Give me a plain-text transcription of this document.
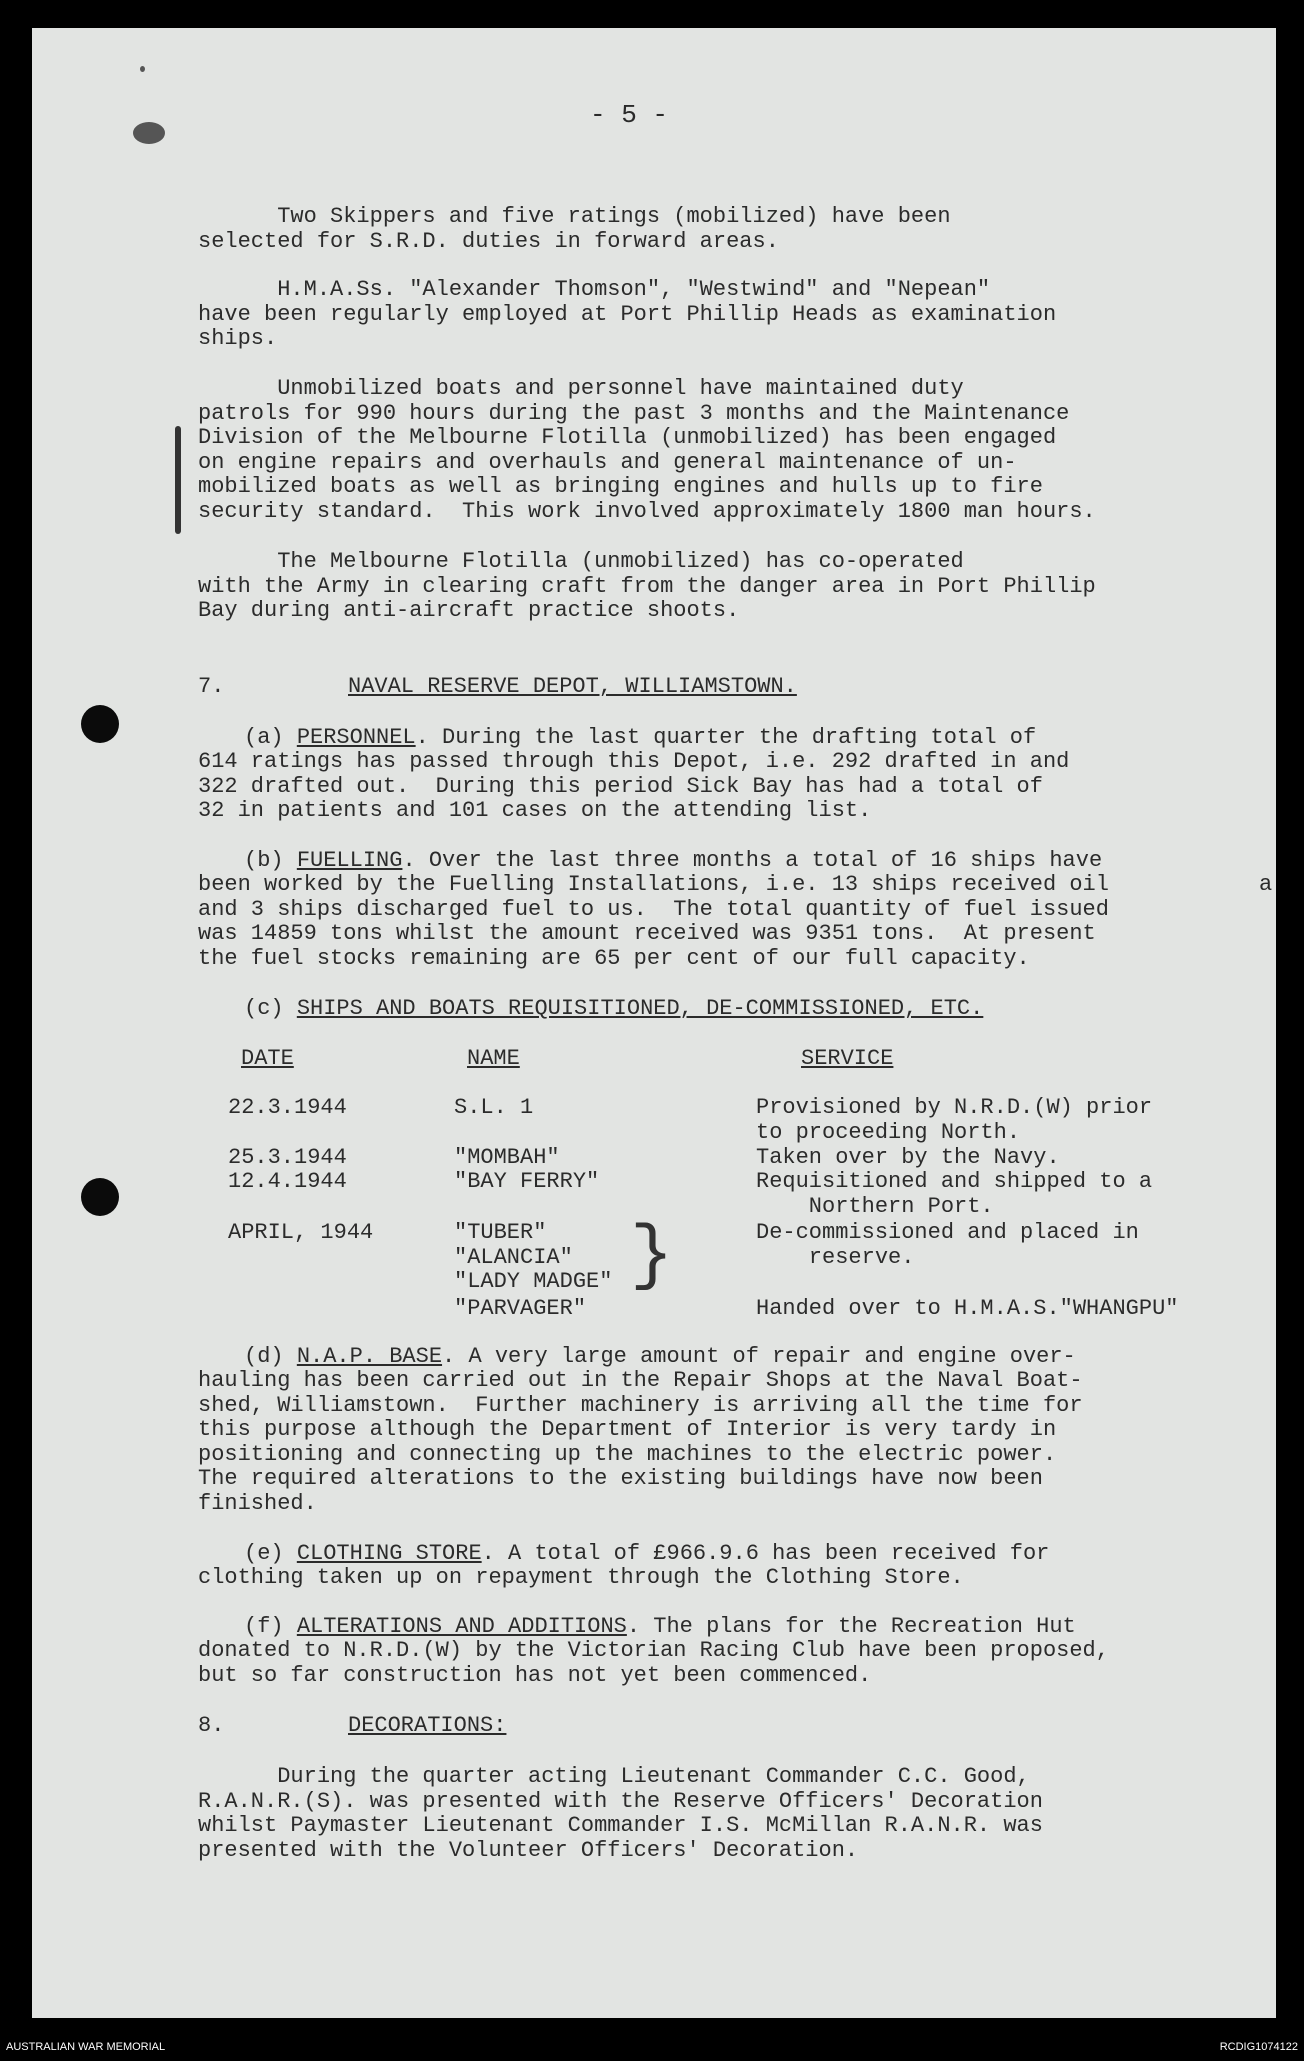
- 5 -
Two Skippers and five ratings (mobilized) have been
selected for S.R.D. duties in forward areas.
H.M.A.Ss. "Alexander Thomson", "Westwind" and "Nepean"
have been regularly employed at Port Phillip Heads as examination
ships.
Unmobilized boats and personnel have maintained duty
patrols for 990 hours during the past 3 months and the Maintenance
Division of the Melbourne Flotilla (unmobilized) has been engaged
on engine repairs and overhauls and general maintenance of un-
mobilized boats as well as bringing engines and hulls up to fire
security standard.  This work involved approximately 1800 man hours.
The Melbourne Flotilla (unmobilized) has co-operated
with the Army in clearing craft from the danger area in Port Phillip
Bay during anti-aircraft practice shoots.
7.	NAVAL RESERVE DEPOT, WILLIAMSTOWN.
(a) PERSONNEL. During the last quarter the drafting total of
614 ratings has passed through this Depot, i.e. 292 drafted in and
322 drafted out.  During this period Sick Bay has had a total of
32 in patients and 101 cases on the attending list.
(b) FUELLING. Over the last three months a total of 16 ships have
been worked by the Fuelling Installations, i.e. 13 ships received oil
and 3 ships discharged fuel to us.  The total quantity of fuel issued
was 14859 tons whilst the amount received was 9351 tons.  At present
the fuel stocks remaining are 65 per cent of our full capacity.
a
(c) SHIPS AND BOATS REQUISITIONED, DE-COMMISSIONED, ETC.
DATE	NAME	SERVICE
22.3.1944	S.L. 1	Provisioned by N.R.D.(W) prior
to proceeding North.
25.3.1944	"MOMBAH"	Taken over by the Navy.
12.4.1944	"BAY FERRY"	Requisitioned and shipped to a
Northern Port.
APRIL, 1944	"TUBER"
"ALANCIA"
"LADY MADGE" }	De-commissioned and placed in
reserve.
"PARVAGER"	Handed over to H.M.A.S."WHANGPU"
(d) N.A.P. BASE. A very large amount of repair and engine over-
hauling has been carried out in the Repair Shops at the Naval Boat-
shed, Williamstown.  Further machinery is arriving all the time for
this purpose although the Department of Interior is very tardy in
positioning and connecting up the machines to the electric power.
The required alterations to the existing buildings have now been
finished.
(e) CLOTHING STORE. A total of £966.9.6 has been received for
clothing taken up on repayment through the Clothing Store.
(f) ALTERATIONS AND ADDITIONS. The plans for the Recreation Hut
donated to N.R.D.(W) by the Victorian Racing Club have been proposed,
but so far construction has not yet been commenced.
8.	DECORATIONS:
During the quarter acting Lieutenant Commander C.C. Good,
R.A.N.R.(S). was presented with the Reserve Officers' Decoration
whilst Paymaster Lieutenant Commander I.S. McMillan R.A.N.R. was
presented with the Volunteer Officers' Decoration.
AUSTRALIAN WAR MEMORIAL	RCDIG1074122
